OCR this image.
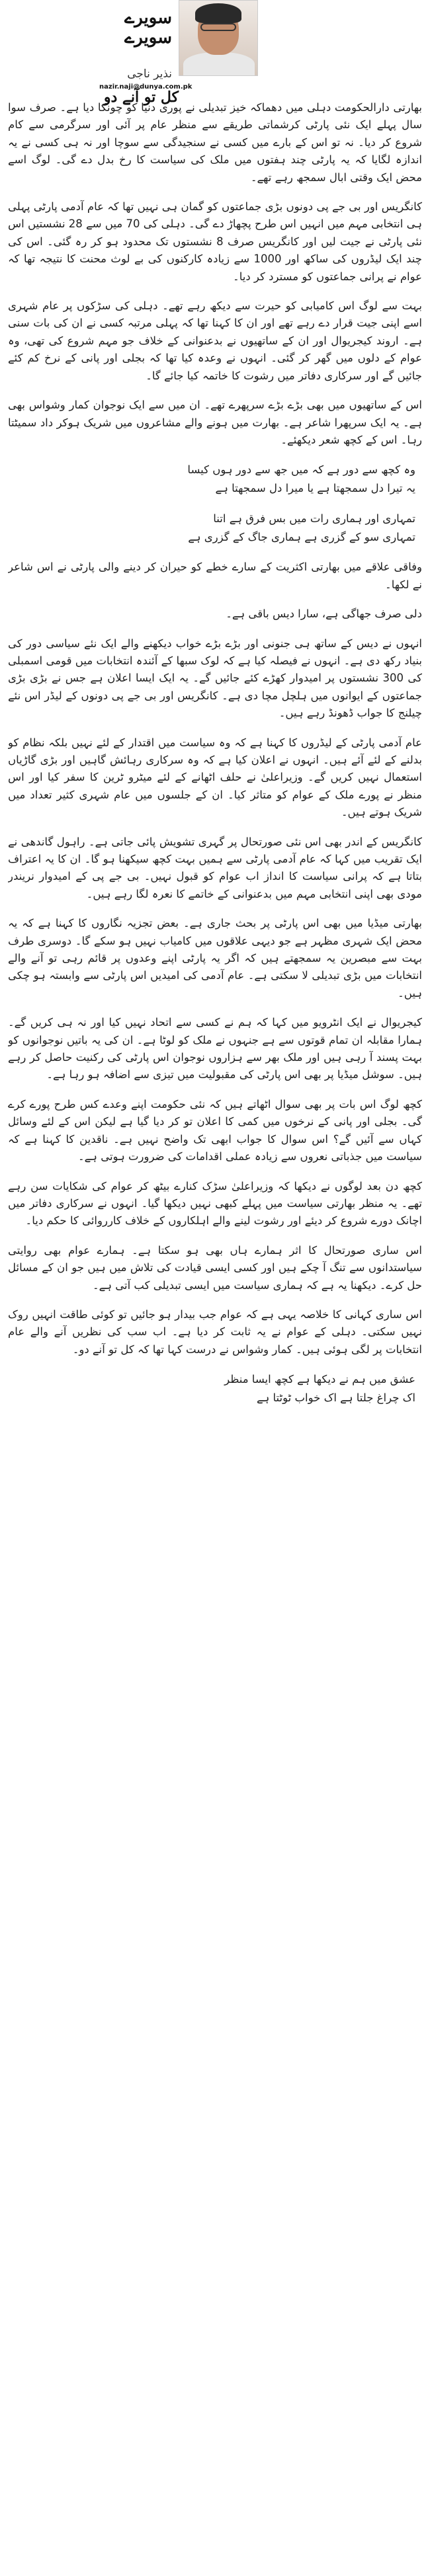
سویرے
سویرے
نذیر ناجی
nazir.naji@dunya.com.pk
کل تو آنے دو

بھارتی دارالحکومت دہلی میں دھماکہ خیز تبدیلی نے پوری دنیا کو چونکا دیا ہے۔ صرف سوا سال پہلے ایک نئی پارٹی کرشماتی طریقے سے منظر عام پر آئی اور سرگرمی سے کام شروع کر دیا۔ نہ تو اس کے بارے میں کسی نے سنجیدگی سے سوچا اور نہ ہی کسی نے یہ اندازہ لگایا کہ یہ پارٹی چند ہفتوں میں ملک کی سیاست کا رخ بدل دے گی۔ لوگ اسے محض ایک وقتی ابال سمجھ رہے تھے۔

کانگریس اور بی جے پی دونوں بڑی جماعتوں کو گمان ہی نہیں تھا کہ عام آدمی پارٹی پہلی ہی انتخابی مہم میں انہیں اس طرح پچھاڑ دے گی۔ دہلی کی 70 میں سے 28 نشستیں اس نئی پارٹی نے جیت لیں اور کانگریس صرف 8 نشستوں تک محدود ہو کر رہ گئی۔ اس کی چند ایک لیڈروں کی ساکھ اور 1000 سے زیادہ کارکنوں کی بے لوث محنت کا نتیجہ تھا کہ عوام نے پرانی جماعتوں کو مسترد کر دیا۔

بہت سے لوگ اس کامیابی کو حیرت سے دیکھ رہے تھے۔ دہلی کی سڑکوں پر عام شہری اسے اپنی جیت قرار دے رہے تھے اور ان کا کہنا تھا کہ پہلی مرتبہ کسی نے ان کی بات سنی ہے۔ اروند کیجریوال اور ان کے ساتھیوں نے بدعنوانی کے خلاف جو مہم شروع کی تھی، وہ عوام کے دلوں میں گھر کر گئی۔ انہوں نے وعدہ کیا تھا کہ بجلی اور پانی کے نرخ کم کئے جائیں گے اور سرکاری دفاتر میں رشوت کا خاتمہ کیا جائے گا۔

اس کے ساتھیوں میں بھی بڑے بڑے سرپھرے تھے۔ ان میں سے ایک نوجوان کمار وشواس بھی ہے۔ یہ ایک سرپھرا شاعر ہے۔ بھارت میں ہونے والے مشاعروں میں شریک ہوکر داد سمیٹتا رہا۔ اس کے کچھ شعر دیکھئے۔

وہ کچھ سے دور ہے کہ میں جھ سے دور ہوں کیسا
یہ تیرا دل سمجھتا ہے یا میرا دل سمجھتا ہے
تمہاری اور ہماری رات میں بس فرق ہے اتنا
تمہاری سو کے گزری ہے ہماری جاگ کے گزری ہے

وفاقی علاقے میں بھارتی اکثریت کے سارے خطے کو حیران کر دینے والی پارٹی نے اس شاعر نے لکھا۔

دلی صرف جھاگی ہے، سارا دیس باقی ہے۔

انہوں نے دیس کے ساتھ ہی جنونی اور بڑے بڑے خواب دیکھنے والے ایک نئے سیاسی دور کی بنیاد رکھ دی ہے۔ انہوں نے فیصلہ کیا ہے کہ لوک سبھا کے آئندہ انتخابات میں قومی اسمبلی کی 300 نشستوں پر امیدوار کھڑے کئے جائیں گے۔ یہ ایک ایسا اعلان ہے جس نے بڑی بڑی جماعتوں کے ایوانوں میں ہلچل مچا دی ہے۔ کانگریس اور بی جے پی دونوں کے لیڈر اس نئے چیلنج کا جواب ڈھونڈ رہے ہیں۔

عام آدمی پارٹی کے لیڈروں کا کہنا ہے کہ وہ سیاست میں اقتدار کے لئے نہیں بلکہ نظام کو بدلنے کے لئے آئے ہیں۔ انہوں نے اعلان کیا ہے کہ وہ سرکاری رہائش گاہیں اور بڑی گاڑیاں استعمال نہیں کریں گے۔ وزیراعلیٰ نے حلف اٹھانے کے لئے میٹرو ٹرین کا سفر کیا اور اس منظر نے پورے ملک کے عوام کو متاثر کیا۔ ان کے جلسوں میں عام شہری کثیر تعداد میں شریک ہوتے ہیں۔

کانگریس کے اندر بھی اس نئی صورتحال پر گہری تشویش پائی جاتی ہے۔ راہول گاندھی نے ایک تقریب میں کہا کہ عام آدمی پارٹی سے ہمیں بہت کچھ سیکھنا ہو گا۔ ان کا یہ اعتراف بتاتا ہے کہ پرانی سیاست کا انداز اب عوام کو قبول نہیں۔ بی جے پی کے امیدوار نریندر مودی بھی اپنی انتخابی مہم میں بدعنوانی کے خاتمے کا نعرہ لگا رہے ہیں۔

بھارتی میڈیا میں بھی اس پارٹی پر بحث جاری ہے۔ بعض تجزیہ نگاروں کا کہنا ہے کہ یہ محض ایک شہری مظہر ہے جو دیہی علاقوں میں کامیاب نہیں ہو سکے گا۔ دوسری طرف بہت سے مبصرین یہ سمجھتے ہیں کہ اگر یہ پارٹی اپنے وعدوں پر قائم رہی تو آنے والے انتخابات میں بڑی تبدیلی لا سکتی ہے۔ عام آدمی کی امیدیں اس پارٹی سے وابستہ ہو چکی ہیں۔

کیجریوال نے ایک انٹرویو میں کہا کہ ہم نے کسی سے اتحاد نہیں کیا اور نہ ہی کریں گے۔ ہمارا مقابلہ ان تمام قوتوں سے ہے جنہوں نے ملک کو لوٹا ہے۔ ان کی یہ باتیں نوجوانوں کو بہت پسند آ رہی ہیں اور ملک بھر سے ہزاروں نوجوان اس پارٹی کی رکنیت حاصل کر رہے ہیں۔ سوشل میڈیا پر بھی اس پارٹی کی مقبولیت میں تیزی سے اضافہ ہو رہا ہے۔

کچھ لوگ اس بات پر بھی سوال اٹھاتے ہیں کہ نئی حکومت اپنے وعدے کس طرح پورے کرے گی۔ بجلی اور پانی کے نرخوں میں کمی کا اعلان تو کر دیا گیا ہے لیکن اس کے لئے وسائل کہاں سے آئیں گے؟ اس سوال کا جواب ابھی تک واضح نہیں ہے۔ ناقدین کا کہنا ہے کہ سیاست میں جذباتی نعروں سے زیادہ عملی اقدامات کی ضرورت ہوتی ہے۔

کچھ دن بعد لوگوں نے دیکھا کہ وزیراعلیٰ سڑک کنارے بیٹھ کر عوام کی شکایات سن رہے تھے۔ یہ منظر بھارتی سیاست میں پہلے کبھی نہیں دیکھا گیا۔ انہوں نے سرکاری دفاتر میں اچانک دورے شروع کر دیئے اور رشوت لینے والے اہلکاروں کے خلاف کارروائی کا حکم دیا۔

اس ساری صورتحال کا اثر ہمارے ہاں بھی ہو سکتا ہے۔ ہمارے عوام بھی روایتی سیاستدانوں سے تنگ آ چکے ہیں اور کسی ایسی قیادت کی تلاش میں ہیں جو ان کے مسائل حل کرے۔ دیکھنا یہ ہے کہ ہماری سیاست میں ایسی تبدیلی کب آتی ہے۔

اس ساری کہانی کا خلاصہ یہی ہے کہ عوام جب بیدار ہو جائیں تو کوئی طاقت انہیں روک نہیں سکتی۔ دہلی کے عوام نے یہ ثابت کر دیا ہے۔ اب سب کی نظریں آنے والے عام انتخابات پر لگی ہوئی ہیں۔ کمار وشواس نے درست کہا تھا کہ کل تو آنے دو۔

عشق میں ہم نے دیکھا ہے کچھ ایسا منظر
اک چراغ جلتا ہے اک خواب ٹوٹتا ہے
